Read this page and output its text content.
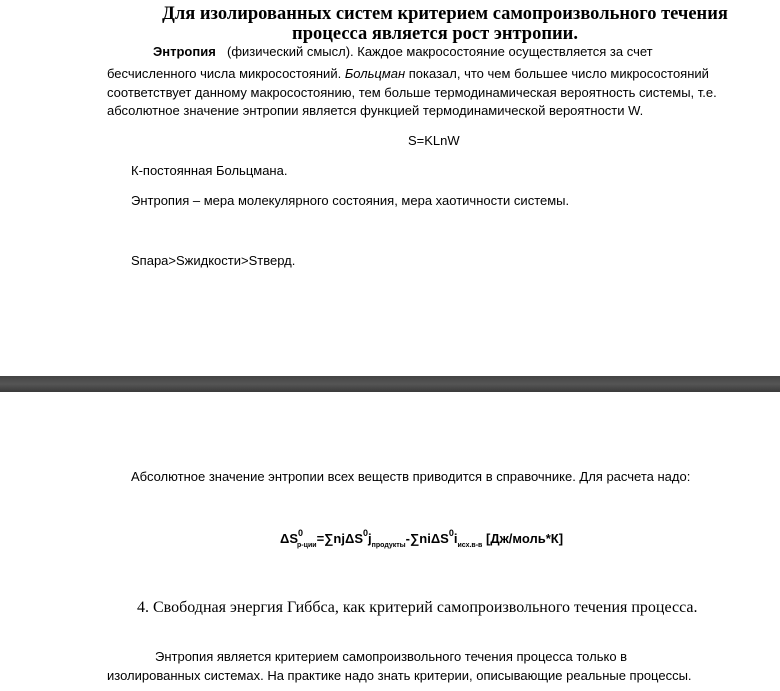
Для изолированных систем критерием самопроизвольного течения
процесса является рост энтропии.
Энтропия (физический смысл). Каждое макросостояние осуществляется за счет
бесчисленного числа микросостояний. Больцман показал, что чем большее число микросостояний
соответствует данному макросостоянию, тем больше термодинамическая вероятность системы, т.е.
абсолютное значение энтропии является функцией термодинамической вероятности W.
S=KLnW
К-постоянная Больцмана.
Энтропия – мера молекулярного состояния, мера хаотичности системы.
Sпара>Sжидкости>Sтверд.
Абсолютное значение энтропии всех веществ приводится в справочнике. Для расчета надо:
$\Delta S^0_{р-ции}=\sum nj\Delta S^0j_{продукты}-\sum ni\Delta S^0i_{исх.в-в}$ [Дж/моль*К]
4. Свободная энергия Гиббса, как критерий самопроизвольного течения процесса.
Энтропия является критерием самопроизвольного течения процесса только в
изолированных системах. На практике надо знать критерии, описывающие реальные процессы.
